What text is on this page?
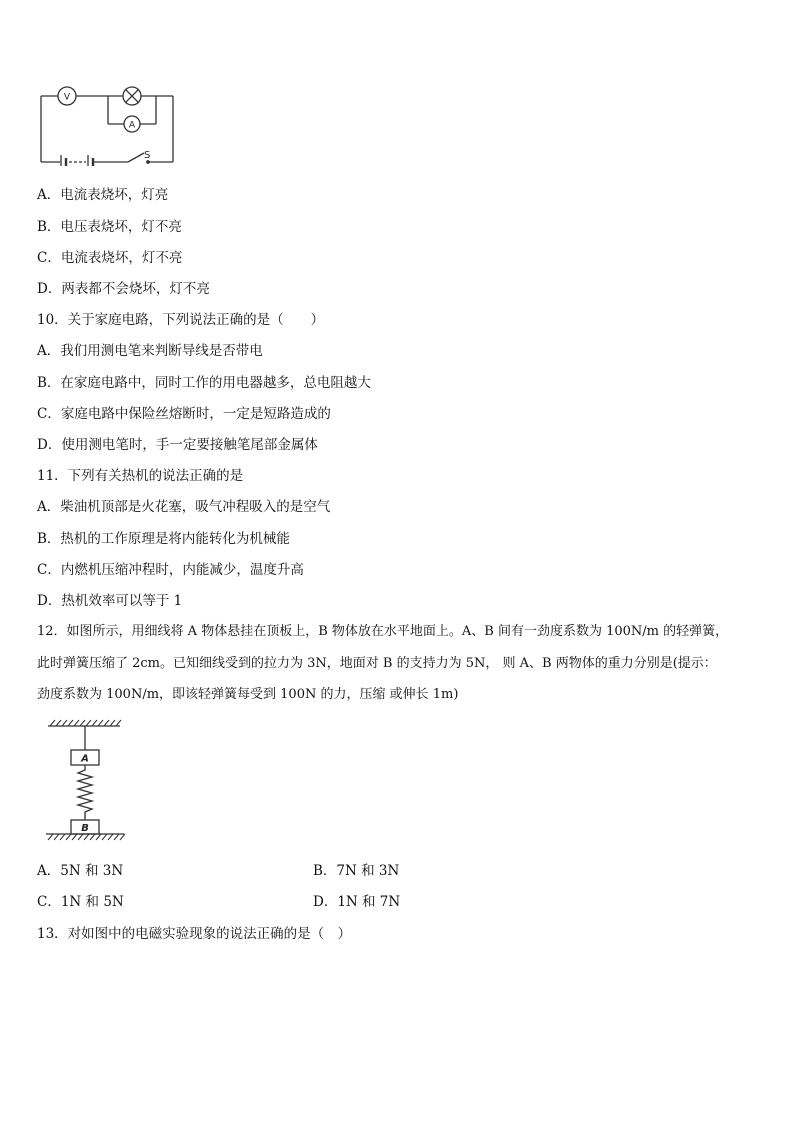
V
A
S
A．电流表烧坏，灯亮
B．电压表烧坏，灯不亮
C．电流表烧坏，灯不亮
D．两表都不会烧坏，灯不亮
10．关于家庭电路，下列说法正确的是（　　）
A．我们用测电笔来判断导线是否带电
B．在家庭电路中，同时工作的用电器越多，总电阻越大
C．家庭电路中保险丝熔断时，一定是短路造成的
D．使用测电笔时，手一定要接触笔尾部金属体
11．下列有关热机的说法正确的是
A．柴油机顶部是火花塞，吸气冲程吸入的是空气
B．热机的工作原理是将内能转化为机械能
C．内燃机压缩冲程时，内能减少，温度升高
D．热机效率可以等于 1
12．如图所示，用细线将 A 物体悬挂在顶板上，B 物体放在水平地面上。A、B 间有一劲度系数为 100N/m 的轻弹簧，
此时弹簧压缩了 2cm。已知细线受到的拉力为 3N，地面对 B 的支持力为 5N， 则 A、B 两物体的重力分别是(提示：
劲度系数为 100N/m，即该轻弹簧每受到 100N 的力，压缩 或伸长 1m)
A
B
A．5N 和 3N	B．7N 和 3N
C．1N 和 5N	D．1N 和 7N
13．对如图中的电磁实验现象的说法正确的是（　）
